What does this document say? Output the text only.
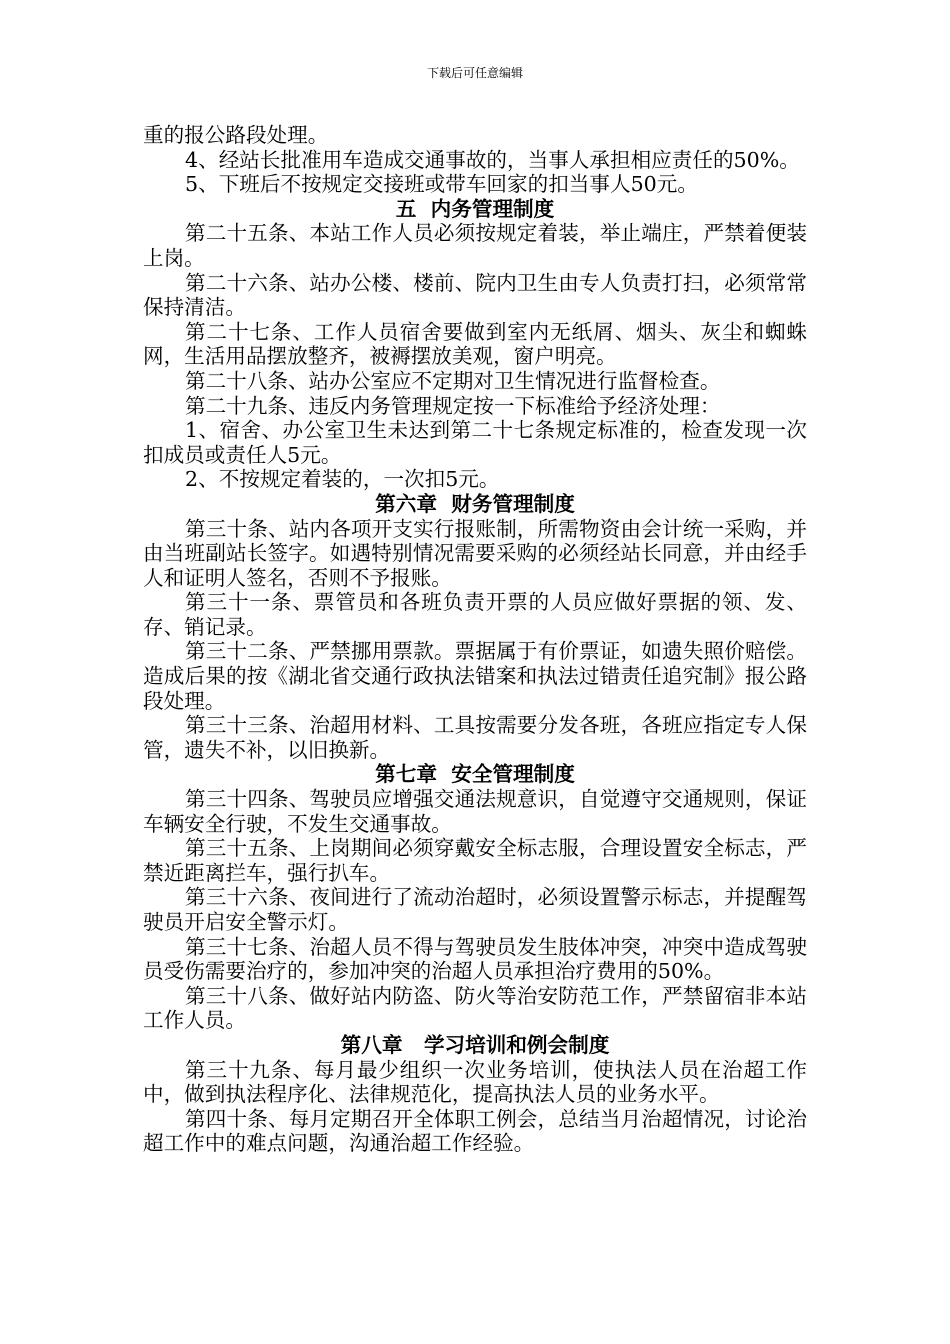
下载后可任意编辑

重的报公路段处理。

4、经站长批准用车造成交通事故的，当事人承担相应责任的50%。

5、下班后不按规定交接班或带车回家的扣当事人50元。

五  内务管理制度

第二十五条、本站工作人员必须按规定着装，举止端庄，严禁着便装上岗。

第二十六条、站办公楼、楼前、院内卫生由专人负责打扫，必须常常保持清洁。

第二十七条、工作人员宿舍要做到室内无纸屑、烟头、灰尘和蜘蛛网，生活用品摆放整齐，被褥摆放美观，窗户明亮。

第二十八条、站办公室应不定期对卫生情况进行监督检查。

第二十九条、违反内务管理规定按一下标准给予经济处理：

1、宿舍、办公室卫生未达到第二十七条规定标准的，检查发现一次扣成员或责任人5元。

2、不按规定着装的，一次扣5元。

第六章  财务管理制度

第三十条、站内各项开支实行报账制，所需物资由会计统一采购，并由当班副站长签字。如遇特别情况需要采购的必须经站长同意，并由经手人和证明人签名，否则不予报账。

第三十一条、票管员和各班负责开票的人员应做好票据的领、发、存、销记录。

第三十二条、严禁挪用票款。票据属于有价票证，如遗失照价赔偿。造成后果的按《湖北省交通行政执法错案和执法过错责任追究制》报公路段处理。

第三十三条、治超用材料、工具按需要分发各班，各班应指定专人保管，遗失不补，以旧换新。

第七章  安全管理制度

第三十四条、驾驶员应增强交通法规意识，自觉遵守交通规则，保证车辆安全行驶，不发生交通事故。

第三十五条、上岗期间必须穿戴安全标志服，合理设置安全标志，严禁近距离拦车，强行扒车。

第三十六条、夜间进行了流动治超时，必须设置警示标志，并提醒驾驶员开启安全警示灯。

第三十七条、治超人员不得与驾驶员发生肢体冲突，冲突中造成驾驶员受伤需要治疗的，参加冲突的治超人员承担治疗费用的50%。

第三十八条、做好站内防盗、防火等治安防范工作，严禁留宿非本站工作人员。

第八章   学习培训和例会制度

第三十九条、每月最少组织一次业务培训，使执法人员在治超工作中，做到执法程序化、法律规范化，提高执法人员的业务水平。

第四十条、每月定期召开全体职工例会，总结当月治超情况，讨论治超工作中的难点问题，沟通治超工作经验。
